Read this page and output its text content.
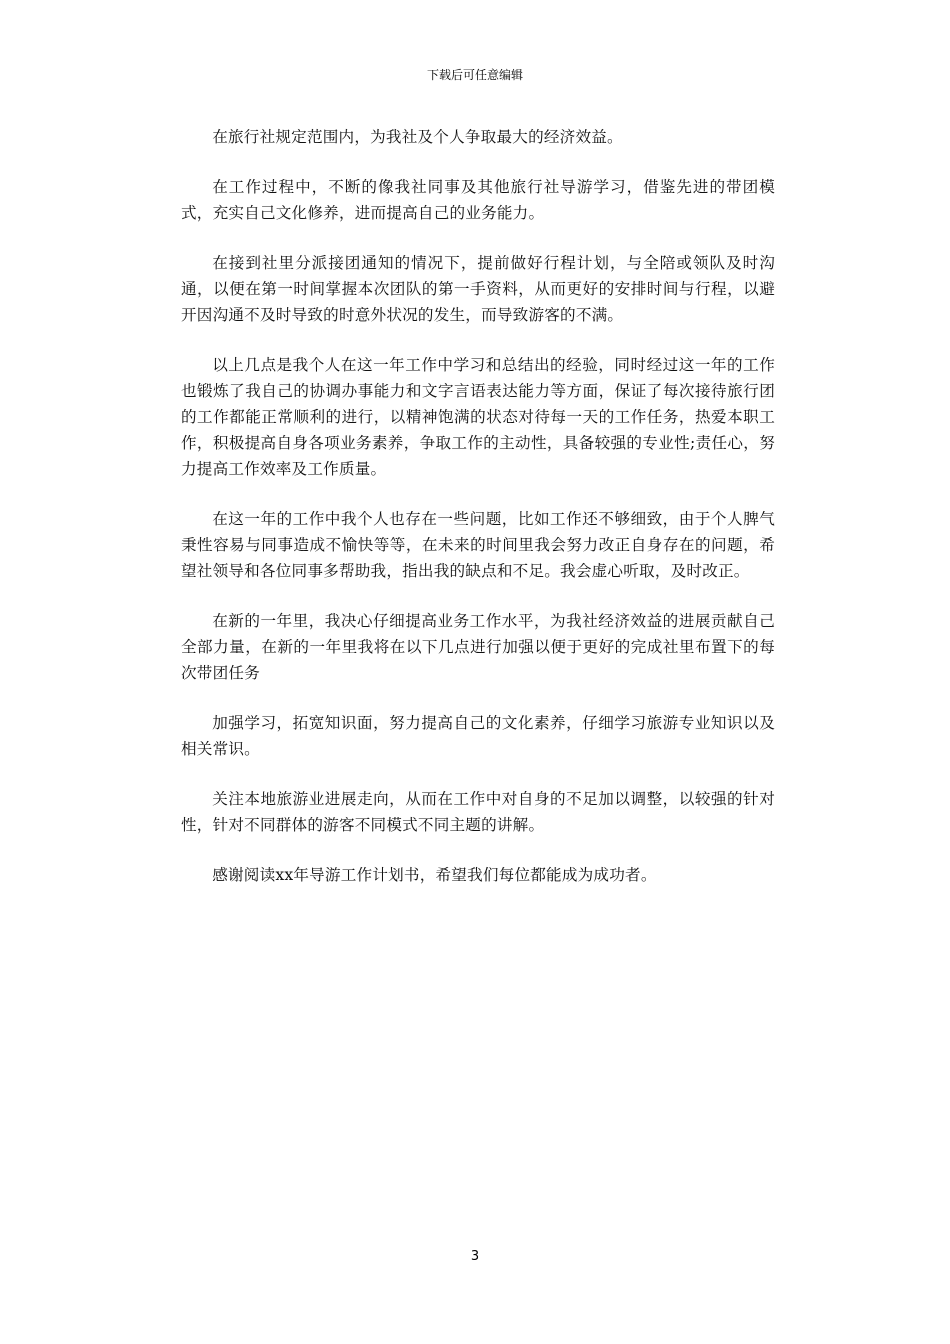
下载后可任意编辑

在旅行社规定范围内，为我社及个人争取最大的经济效益。

在工作过程中，不断的像我社同事及其他旅行社导游学习，借鉴先进的带团模式，充实自己文化修养，进而提高自己的业务能力。

在接到社里分派接团通知的情况下，提前做好行程计划，与全陪或领队及时沟通，以便在第一时间掌握本次团队的第一手资料，从而更好的安排时间与行程，以避开因沟通不及时导致的时意外状况的发生，而导致游客的不满。

以上几点是我个人在这一年工作中学习和总结出的经验，同时经过这一年的工作也锻炼了我自己的协调办事能力和文字言语表达能力等方面，保证了每次接待旅行团的工作都能正常顺利的进行，以精神饱满的状态对待每一天的工作任务，热爱本职工作，积极提高自身各项业务素养，争取工作的主动性，具备较强的专业性;责任心，努力提高工作效率及工作质量。

在这一年的工作中我个人也存在一些问题，比如工作还不够细致，由于个人脾气秉性容易与同事造成不愉快等等，在未来的时间里我会努力改正自身存在的问题，希望社领导和各位同事多帮助我，指出我的缺点和不足。我会虚心听取，及时改正。

在新的一年里，我决心仔细提高业务工作水平，为我社经济效益的进展贡献自己全部力量，在新的一年里我将在以下几点进行加强以便于更好的完成社里布置下的每次带团任务

加强学习，拓宽知识面，努力提高自己的文化素养，仔细学习旅游专业知识以及相关常识。

关注本地旅游业进展走向，从而在工作中对自身的不足加以调整，以较强的针对性，针对不同群体的游客不同模式不同主题的讲解。

感谢阅读xx年导游工作计划书，希望我们每位都能成为成功者。

3
